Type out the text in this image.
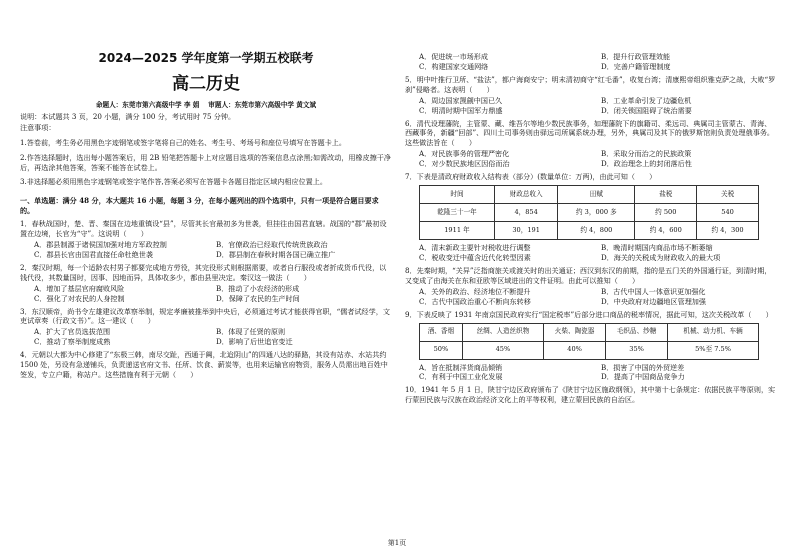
2024—2025 学年度第一学期五校联考
高二历史
命题人：东莞市第六高级中学 李 娟　 审题人：东莞市第六高级中学 黄文斌

说明：本试题共 3 页，20 小题，满分 100 分，考试用时 75 分钟。

注意事项：

1.答卷前，考生务必用黑色字迹钢笔或签字笔将自己的姓名、考生号、考场号和座位号填写在答题卡上。

2.作答选择题时，选出每小题答案后，用 2B 铅笔把答题卡上对应题目选项的答案信息点涂黑;如需改动，用橡皮擦干净后，再选涂其他答案，答案不能答在试卷上。

3.非选择题必须用黑色字迹钢笔或签字笔作答,答案必须写在答题卡各题目指定区域内相应位置上。

一、单选题：满分 48 分，本大题共 16 小题，每题 3 分，在每小题列出的四个选项中，只有一项是符合题目要求的。

1．春秋战国时，楚、晋、秦国在边地重镇设“县”，尽管其长官最初多为世袭，但挂往由国君直辖。战国的“郡”最初设置在边境，长官为“守”。这说明（　　）

A．郡县制源于诸侯国加强对地方军政控制	B．官僚政治已经取代传统贵族政治
C．郡县长官由国君直接任命杜绝世袭	D．郡县制在春秋时期各国已确立推广

2．秦汉时期，每一个适龄农村男子都要完成地方劳役，其完役形式则根据需要，或者自行服役或者折成货币代役，以钱代役，其数量国时，因事、因地而异，具体收多少，都由县里决定。秦汉这一做法（　　）

A．增加了基层官府腐败风险	B．推动了小农经济的形成
C．强化了对农民的人身控制	D．保障了农民的生产时间

3．东汉顺帝，尚书令左雄建议改革察举制，规定孝廉被推举到中央后，必须通过考试才能获得官职，“儒者试经学，文吏试章奏（行政文书）”。这一建议（　　）

A．扩大了官员选拔范围	B．体现了任贤的原则
C．推动了察举制度成熟	D．影响了后世追官变迁

4．元朝以大都为中心修建了“东极三韩，南尽交趾，西通于阗，北迨阴山”的四通八达的驿路，其设有站赤、水站共约 1500 处，另设有急递铺兵，负责递送官府文书、任所、饮食、薪炭等，也用来运输官府物资，服务人员需出地百姓中签发，专立户籍，称站户。这些措施有利于元朝（　　）

A．促进统一市场形成	B．提升行政管理效能
C．构建国家交通网络	D．完善户籍管理制度

5．明中叶推行卫所、“盐法”，都户海商安宁；明末清初商守“红毛番”，收复台湾；清康熙帝组织雅克萨之战，大败“罗刹”侵略者。这表明（　　）

A．周边国家觊觎中国已久	B．工业革命引发了边疆危机
C．明清时期中国军力鼎盛	D．闭关锁国阻碍了统治需要

6．清代设理藩院，主管蒙、藏、维吾尔等地少数民族事务，如理藩院下的旗籍司、柔远司、典属司主管蒙古、青海、西藏事务，新疆“回部”、四川土司事务则由驿远司所属系统办理，另外，典属司及其下的俄罗斯馆则负责处理俄事务。这些做法旨在（　　）

A．对民族事务的管理严密化	B．采取分而治之的民族政策
C．对少数民族地区因俗而治	D．政治理念上的封闭落后性

7．下表是清政府财政收入结构表（部分）(数量单位：万两)，由此可知（　　）

时间	财政总收入	田赋	盐税	关税
乾隆三十一年	4，854	约 3，000 多	约 500	540
1911 年	30，191	约 4，800	约 4，600	约 4，300
A．清末新政主要针对税收进行调整	B．晚清时期国内商品市场不断萎缩
C．税收变迁中蕴含近代化转型因素	D．海关的关税成为财政收入的最大项

8．先秦时期，“关异”泛指商旅关或渡关时的出关通证；西汉到东汉的前期，指的是五门关的外国通行证，到清时期，又变成了由海关在东和亚欧等区域进出的文件证明。由此可以推知（　　）

A．关外的政治、经济地位不断提升	B．古代中国人一体意识更加强化
C．古代中国政治重心不断向东转移	D．中央政府对边疆地区管理加强

9．下表反映了 1931 年南京国民政府实行“国定税率”后部分进口商品的税率情况，据此可知，这次关税改革（　　）

酒、香烟	丝绸、人造丝织物	火柴、陶瓷器	毛织品、纱糖	机械、动力机、车辆
50%	45%	40%	35%	5%至 7.5%
A．旨在抵制洋货商品倾销	B．损害了中国的外贸逆差
C．有利于中国工业化发展	D．提高了中国商品竞争力

10．1941 年 5 月 1 日，陕甘宁边区政府颁布了《陕甘宁边区施政纲领》，其中第十七条规定：依据民族平等原则，实行蒙回民族与汉族在政治经济文化上的平等权利，建立蒙回民族的自治区。

第1页
